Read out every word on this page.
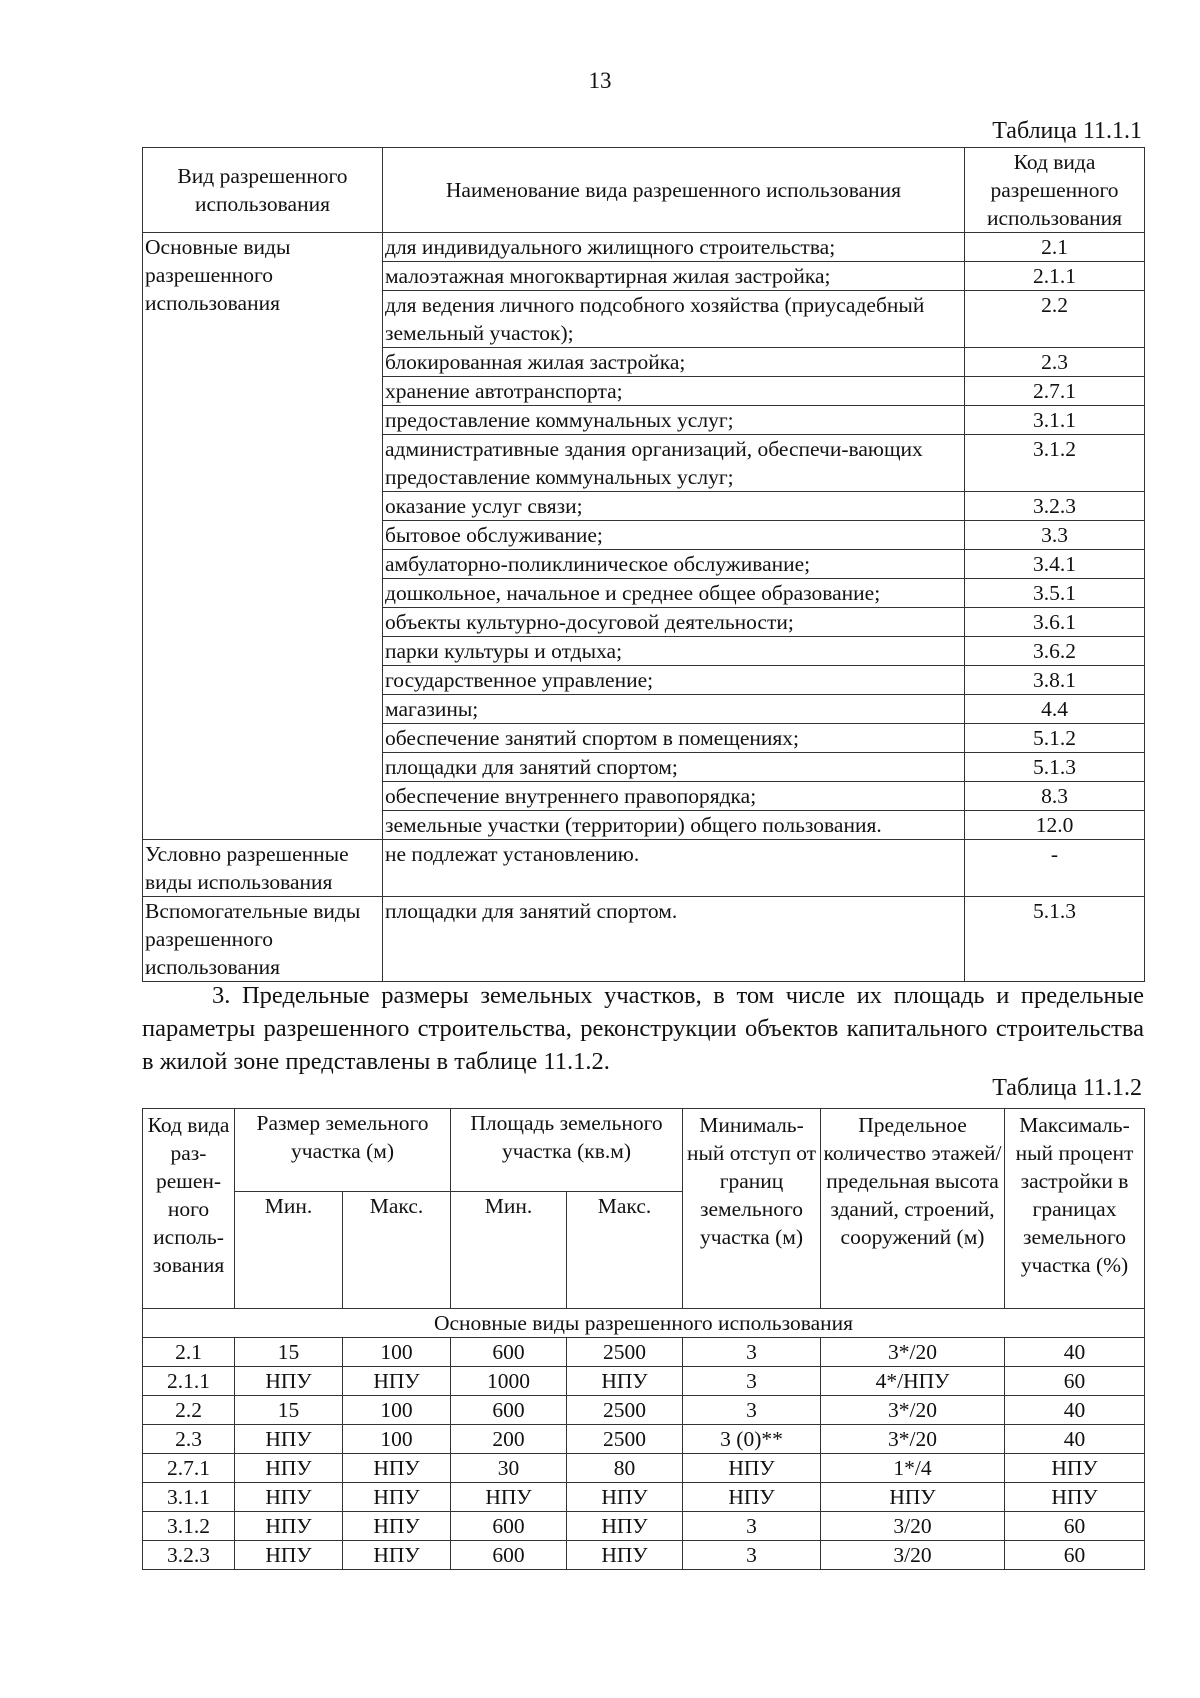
13
Таблица 11.1.1
Вид разрешенного использования	Наименование вида разрешенного использования	Код вида разрешенного использования
Основные виды разрешенного использования	для индивидуального жилищного строительства;	2.1
	малоэтажная многоквартирная жилая застройка;	2.1.1
	для ведения личного подсобного хозяйства (приусадебный земельный участок);	2.2
	блокированная жилая застройка;	2.3
	хранение автотранспорта;	2.7.1
	предоставление коммунальных услуг;	3.1.1
	административные здания организаций, обеспечи-вающих предоставление коммунальных услуг;	3.1.2
	оказание услуг связи;	3.2.3
	бытовое обслуживание;	3.3
	амбулаторно-поликлиническое обслуживание;	3.4.1
	дошкольное, начальное и среднее общее образование;	3.5.1
	объекты культурно-досуговой деятельности;	3.6.1
	парки культуры и отдыха;	3.6.2
	государственное управление;	3.8.1
	магазины;	4.4
	обеспечение занятий спортом в помещениях;	5.1.2
	площадки для занятий спортом;	5.1.3
	обеспечение внутреннего правопорядка;	8.3
	земельные участки (территории) общего пользования.	12.0
Условно разрешенные виды использования	не подлежат установлению.	-
Вспомогательные виды разрешенного использования	площадки для занятий спортом.	5.1.3
3. Предельные размеры земельных участков, в том числе их площадь и предельные параметры разрешенного строительства, реконструкции объектов капитального строительства в жилой зоне представлены в таблице 11.1.2.
Таблица 11.1.2
Код вида раз-решен-ного исполь-зования	Размер земельного участка (м)		Площадь земельного участка (кв.м)		Минималь-ный отступ от границ земельного участка (м)	Предельное количество этажей/ предельная высота зданий, строений, сооружений (м)	Максималь-ный процент застройки в границах земельного участка (%)
	Мин.	Макс.	Мин.	Макс.			
Основные виды разрешенного использования							
2.1	15	100	600	2500	3	3*/20	40
2.1.1	НПУ	НПУ	1000	НПУ	3	4*/НПУ	60
2.2	15	100	600	2500	3	3*/20	40
2.3	НПУ	100	200	2500	3 (0)**	3*/20	40
2.7.1	НПУ	НПУ	30	80	НПУ	1*/4	НПУ
3.1.1	НПУ	НПУ	НПУ	НПУ	НПУ	НПУ	НПУ
3.1.2	НПУ	НПУ	600	НПУ	3	3/20	60
3.2.3	НПУ	НПУ	600	НПУ	3	3/20	60
